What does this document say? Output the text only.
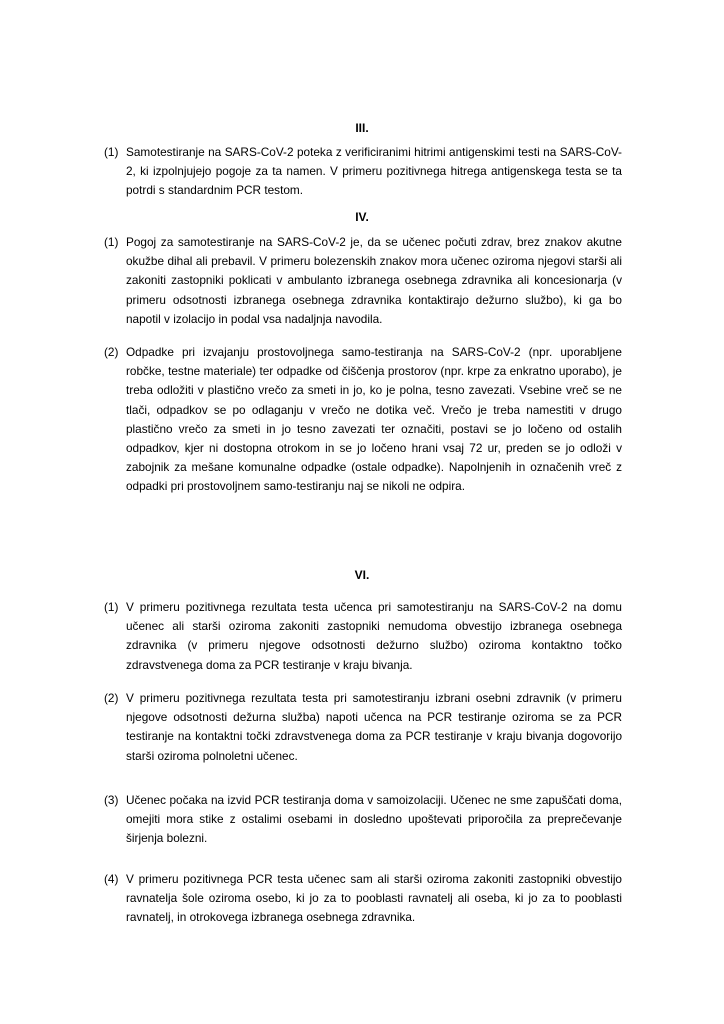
III.
(1) Samotestiranje na SARS-CoV-2 poteka z verificiranimi hitrimi antigenskimi testi na SARS-CoV-2, ki izpolnjujejo pogoje za ta namen. V primeru pozitivnega hitrega antigenskega testa se ta potrdi s standardnim PCR testom.
IV.
(1) Pogoj za samotestiranje na SARS-CoV-2 je, da se učenec počuti zdrav, brez znakov akutne okužbe dihal ali prebavil. V primeru bolezenskih znakov mora učenec oziroma njegovi starši ali zakoniti zastopniki poklicati v ambulanto izbranega osebnega zdravnika ali koncesionarja (v primeru odsotnosti izbranega osebnega zdravnika kontaktirajo dežurno službo), ki ga bo napotil v izolacijo in podal vsa nadaljnja navodila.
(2) Odpadke pri izvajanju prostovoljnega samo-testiranja na SARS-CoV-2 (npr. uporabljene robčke, testne materiale) ter odpadke od čiščenja prostorov (npr. krpe za enkratno uporabo), je treba odložiti v plastično vrečo za smeti in jo, ko je polna, tesno zavezati. Vsebine vreč se ne tlači, odpadkov se po odlaganju v vrečo ne dotika več. Vrečo je treba namestiti v drugo plastično vrečo za smeti in jo tesno zavezati ter označiti, postavi se jo ločeno od ostalih odpadkov, kjer ni dostopna otrokom in se jo ločeno hrani vsaj 72 ur, preden se jo odloži v zabojnik za mešane komunalne odpadke (ostale odpadke). Napolnjenih in označenih vreč z odpadki pri prostovoljnem samo-testiranju naj se nikoli ne odpira.
VI.
(1) V primeru pozitivnega rezultata testa učenca pri samotestiranju na SARS-CoV-2 na domu učenec ali starši oziroma zakoniti zastopniki nemudoma obvestijo izbranega osebnega zdravnika (v primeru njegove odsotnosti dežurno službo) oziroma kontaktno točko zdravstvenega doma za PCR testiranje v kraju bivanja.
(2) V primeru pozitivnega rezultata testa pri samotestiranju izbrani osebni zdravnik (v primeru njegove odsotnosti dežurna služba) napoti učenca na PCR testiranje oziroma se za PCR testiranje na kontaktni točki zdravstvenega doma za PCR testiranje v kraju bivanja dogovorijo starši oziroma polnoletni učenec.
(3) Učenec počaka na izvid PCR testiranja doma v samoizolaciji. Učenec ne sme zapuščati doma, omejiti mora stike z ostalimi osebami in dosledno upoštevati priporočila za preprečevanje širjenja bolezni.
(4) V primeru pozitivnega PCR testa učenec sam ali starši oziroma zakoniti zastopniki obvestijo ravnatelja šole oziroma osebo, ki jo za to pooblasti ravnatelj ali oseba, ki jo za to pooblasti ravnatelj, in otrokovega izbranega osebnega zdravnika.
